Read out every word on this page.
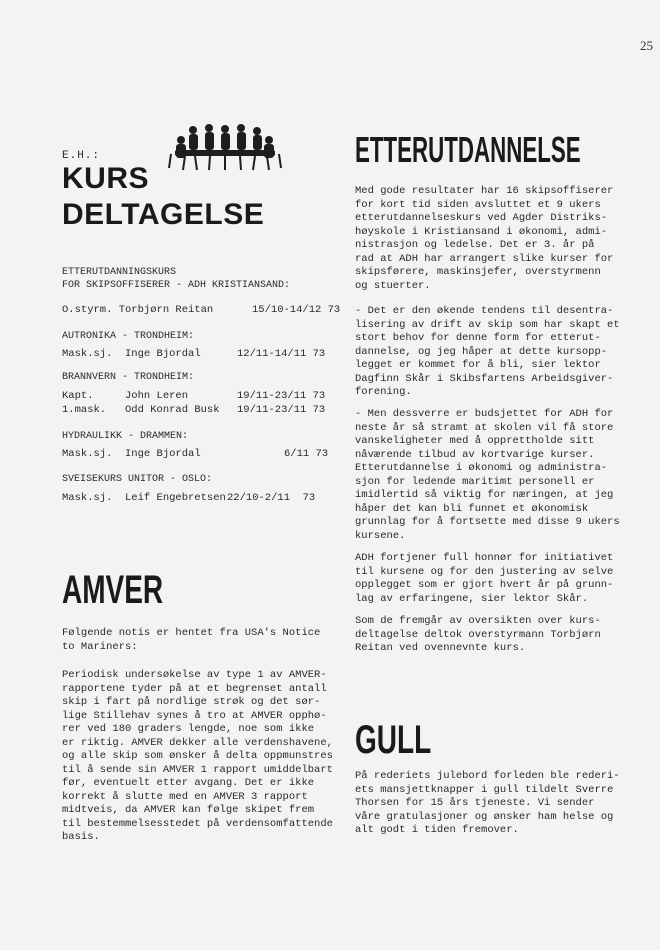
25
E.H.:
KURS
DELTAGELSE
ETTERUTDANNINGSKURS
FOR SKIPSOFFISERER - ADH KRISTIANSAND:
O.styrm. Torbjørn Reitan	15/10-14/12 73
AUTRONIKA - TRONDHEIM:
Mask.sj.  Inge Bjordal	12/11-14/11 73
BRANNVERN - TRONDHEIM:
Kapt.     John Leren	19/11-23/11 73
1.mask.   Odd Konrad Busk 19/11-23/11 73
HYDRAULIKK - DRAMMEN:
Mask.sj.  Inge Bjordal	6/11 73
SVEISEKURS UNITOR - OSLO:
Mask.sj.  Leif Engebretsen 22/10-2/11  73
AMVER
Følgende notis er hentet fra USA's Notice
to Mariners:
Periodisk undersøkelse av type 1 av AMVER-
rapportene tyder på at et begrenset antall
skip i fart på nordlige strøk og det sør-
lige Stillehav synes å tro at AMVER opphø-
rer ved 180 graders lengde, noe som ikke
er riktig. AMVER dekker alle verdenshavene,
og alle skip som ønsker å delta oppmunstres
til å sende sin AMVER 1 rapport umiddelbart
før, eventuelt etter avgang. Det er ikke
korrekt å slutte med en AMVER 3 rapport
midtveis, da AMVER kan følge skipet frem
til bestemmelsesstedet på verdensomfattende
basis.
ETTERUTDANNELSE
Med gode resultater har 16 skipsoffiserer
for kort tid siden avsluttet et 9 ukers
etterutdannelseskurs ved Agder Distriks-
høyskole i Kristiansand i økonomi, admi-
nistrasjon og ledelse. Det er 3. år på
rad at ADH har arrangert slike kurser for
skipsførere, maskinsjefer, overstyrmenn
og stuerter.
- Det er den økende tendens til desentra-
lisering av drift av skip som har skapt et
stort behov for denne form for etterut-
dannelse, og jeg håper at dette kursopp-
legget er kommet for å bli, sier lektor
Dagfinn Skår i Skibsfartens Arbeidsgiver-
forening.
- Men dessverre er budsjettet for ADH for
neste år så stramt at skolen vil få store
vanskeligheter med å opprettholde sitt
nåværende tilbud av kortvarige kurser.
Etterutdannelse i økonomi og administra-
sjon for ledende maritimt personell er
imidlertid så viktig for næringen, at jeg
håper det kan bli funnet et økonomisk
grunnlag for å fortsette med disse 9 ukers
kursene.
ADH fortjener full honnør for initiativet
til kursene og for den justering av selve
opplegget som er gjort hvert år på grunn-
lag av erfaringene, sier lektor Skår.
Som de fremgår av oversikten over kurs-
deltagelse deltok overstyrmann Torbjørn
Reitan ved ovennevnte kurs.
GULL
På rederiets julebord forleden ble rederi-
ets mansjettknapper i gull tildelt Sverre
Thorsen for 15 års tjeneste. Vi sender
våre gratulasjoner og ønsker ham helse og
alt godt i tiden fremover.
